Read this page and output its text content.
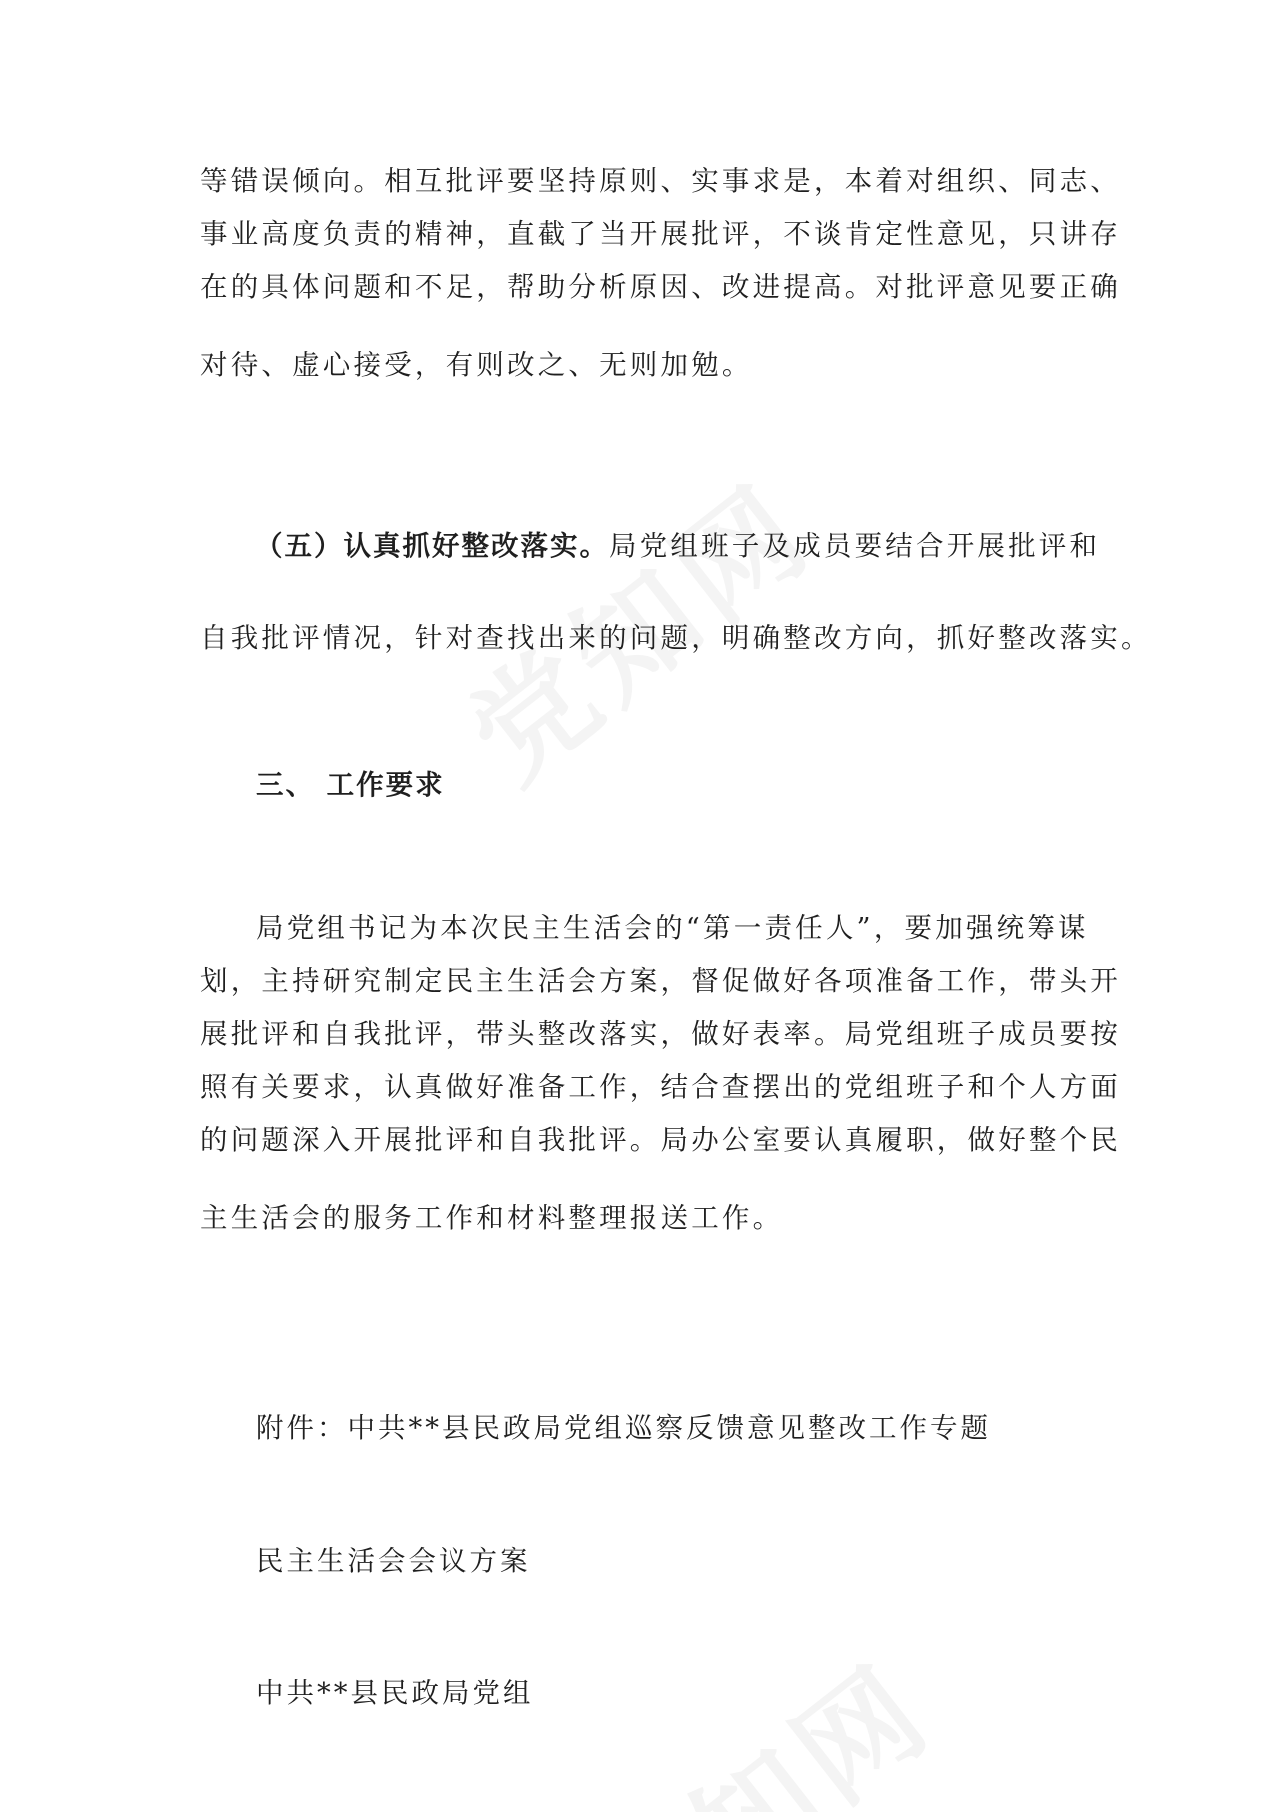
等错误倾向。相互批评要坚持原则、实事求是，本着对组织、同志、
事业高度负责的精神，直截了当开展批评，不谈肯定性意见，只讲存
在的具体问题和不足，帮助分析原因、改进提高。对批评意见要正确
对待、虚心接受，有则改之、无则加勉。

（五）认真抓好整改落实。局党组班子及成员要结合开展批评和
自我批评情况，针对查找出来的问题，明确整改方向，抓好整改落实。

三、 工作要求

局党组书记为本次民主生活会的“第一责任人”，要加强统筹谋
划，主持研究制定民主生活会方案，督促做好各项准备工作，带头开
展批评和自我批评，带头整改落实，做好表率。局党组班子成员要按
照有关要求，认真做好准备工作，结合查摆出的党组班子和个人方面
的问题深入开展批评和自我批评。局办公室要认真履职，做好整个民
主生活会的服务工作和材料整理报送工作。

附件：中共**县民政局党组巡察反馈意见整改工作专题
民主生活会会议方案
中共**县民政局党组
